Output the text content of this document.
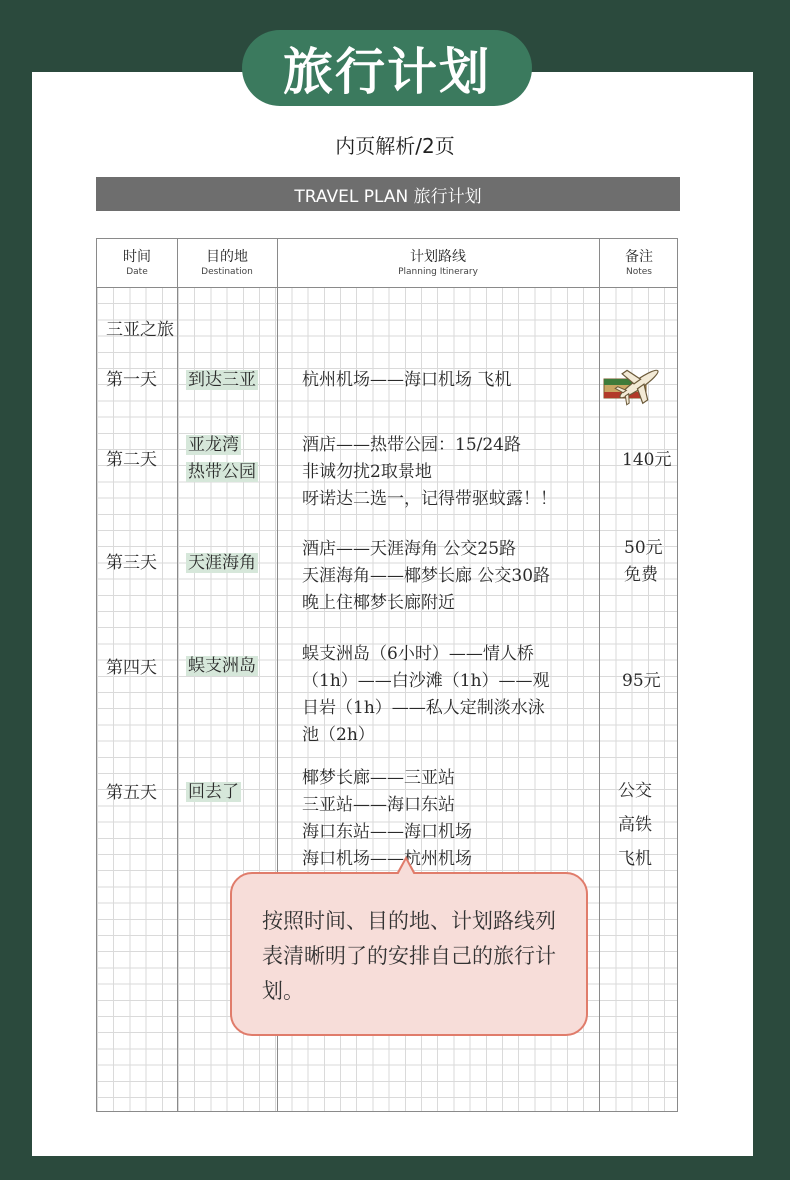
旅行计划
内页解析/2页
TRAVEL PLAN 旅行计划
时间
Date
目的地
Destination
计划路线
Planning Itinerary
备注
Notes
三亚之旅
第一天 到达三亚	杭州机场——海口机场 飞机
第二天
亚龙湾
热带公园
酒店——热带公园：15/24路
非诚勿扰2取景地
呀诺达二选一，记得带驱蚊露！！
140元
第三天 天涯海角
酒店——天涯海角 公交25路
天涯海角——椰梦长廊 公交30路
晚上住椰梦长廊附近
50元
免费
第四天 蜈支洲岛
蜈支洲岛（6小时）——情人桥
（1h）——白沙滩（1h）——观
日岩（1h）——私人定制淡水泳
池（2h）
95元
第五天 回去了
椰梦长廊——三亚站
三亚站——海口东站
海口东站——海口机场
海口机场——杭州机场
公交
高铁
飞机
按照时间、目的地、计划路线列表清晰明了的安排自己的旅行计划。
